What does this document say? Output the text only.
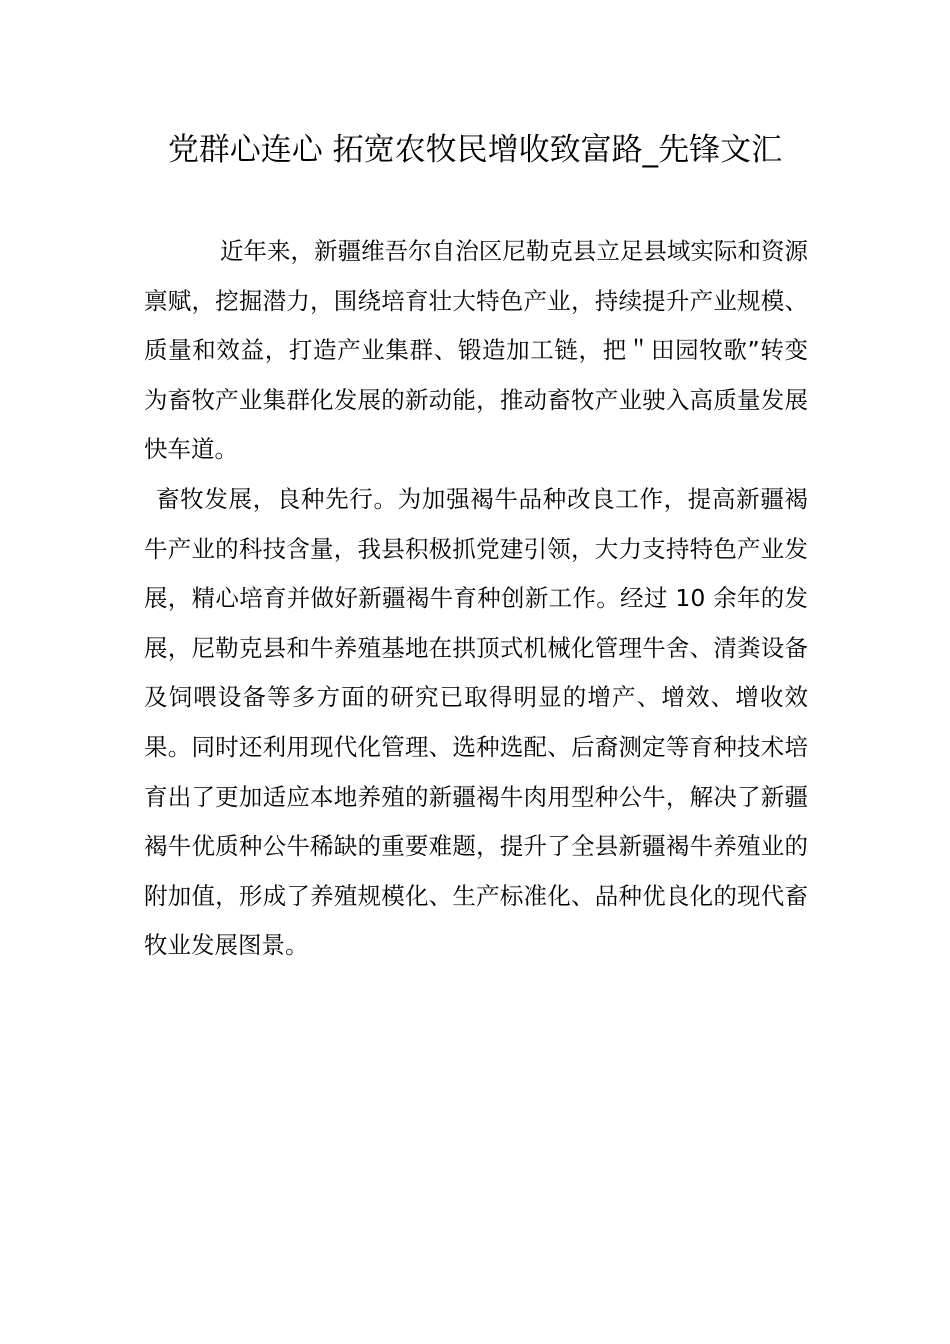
党群心连心 拓宽农牧民增收致富路_先锋文汇

近年来，新疆维吾尔自治区尼勒克县立足县域实际和资源禀赋，挖掘潜力，围绕培育壮大特色产业，持续提升产业规模、质量和效益，打造产业集群、锻造加工链，把＂田园牧歌”转变为畜牧产业集群化发展的新动能，推动畜牧产业驶入高质量发展快车道。

畜牧发展，良种先行。为加强褐牛品种改良工作，提高新疆褐牛产业的科技含量，我县积极抓党建引领，大力支持特色产业发展，精心培育并做好新疆褐牛育种创新工作。经过 10 余年的发展，尼勒克县和牛养殖基地在拱顶式机械化管理牛舍、清粪设备及饲喂设备等多方面的研究已取得明显的增产、增效、增收效果。同时还利用现代化管理、选种选配、后裔测定等育种技术培育出了更加适应本地养殖的新疆褐牛肉用型种公牛，解决了新疆褐牛优质种公牛稀缺的重要难题，提升了全县新疆褐牛养殖业的附加值，形成了养殖规模化、生产标准化、品种优良化的现代畜牧业发展图景。
